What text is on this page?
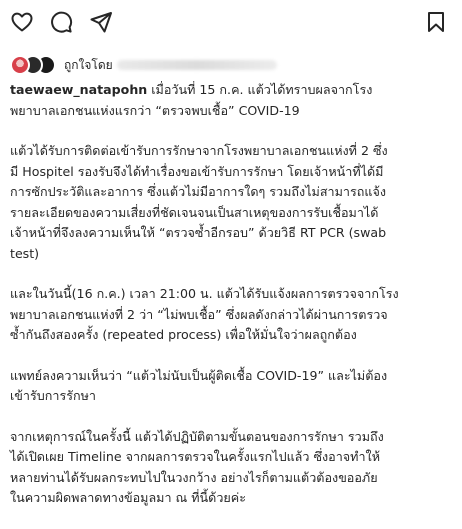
ถูกใจโดย

taewaew_natapohn เมื่อวันที่ 15 ก.ค. แต้วได้ทราบผลจากโรง
พยาบาลเอกชนแห่งแรกว่า “ตรวจพบเชื้อ” COVID-19

แต้วได้รับการติดต่อเข้ารับการรักษาจากโรงพยาบาลเอกชนแห่งที่ 2 ซึ่ง
มี Hospitel รองรับจึงได้ทำเรื่องขอเข้ารับการรักษา โดยเจ้าหน้าที่ได้มี
การซักประวัติและอาการ ซึ่งแต้วไม่มีอาการใดๆ รวมถึงไม่สามารถแจ้ง
รายละเอียดของความเสี่ยงที่ชัดเจนจนเป็นสาเหตุของการรับเชื้อมาได้
เจ้าหน้าที่จึงลงความเห็นให้ “ตรวจซ้ำอีกรอบ” ด้วยวิธี RT PCR (swab
test)

และในวันนี้(16 ก.ค.) เวลา 21:00 น. แต้วได้รับแจ้งผลการตรวจจากโรง
พยาบาลเอกชนแห่งที่ 2 ว่า “ไม่พบเชื้อ” ซึ่งผลดังกล่าวได้ผ่านการตรวจ
ซ้ำกันถึงสองครั้ง (repeated process) เพื่อให้มั่นใจว่าผลถูกต้อง

แพทย์ลงความเห็นว่า “แต้วไม่นับเป็นผู้ติดเชื้อ COVID-19” และไม่ต้อง
เข้ารับการรักษา

จากเหตุการณ์ในครั้งนี้ แต้วได้ปฏิบัติตามขั้นตอนของการรักษา รวมถึง
ได้เปิดเผย Timeline จากผลการตรวจในครั้งแรกไปแล้ว ซึ่งอาจทำให้
หลายท่านได้รับผลกระทบไปในวงกว้าง อย่างไรก็ตามแต้วต้องขออภัย
ในความผิดพลาดทางข้อมูลมา ณ ที่นี้ด้วยค่ะ
